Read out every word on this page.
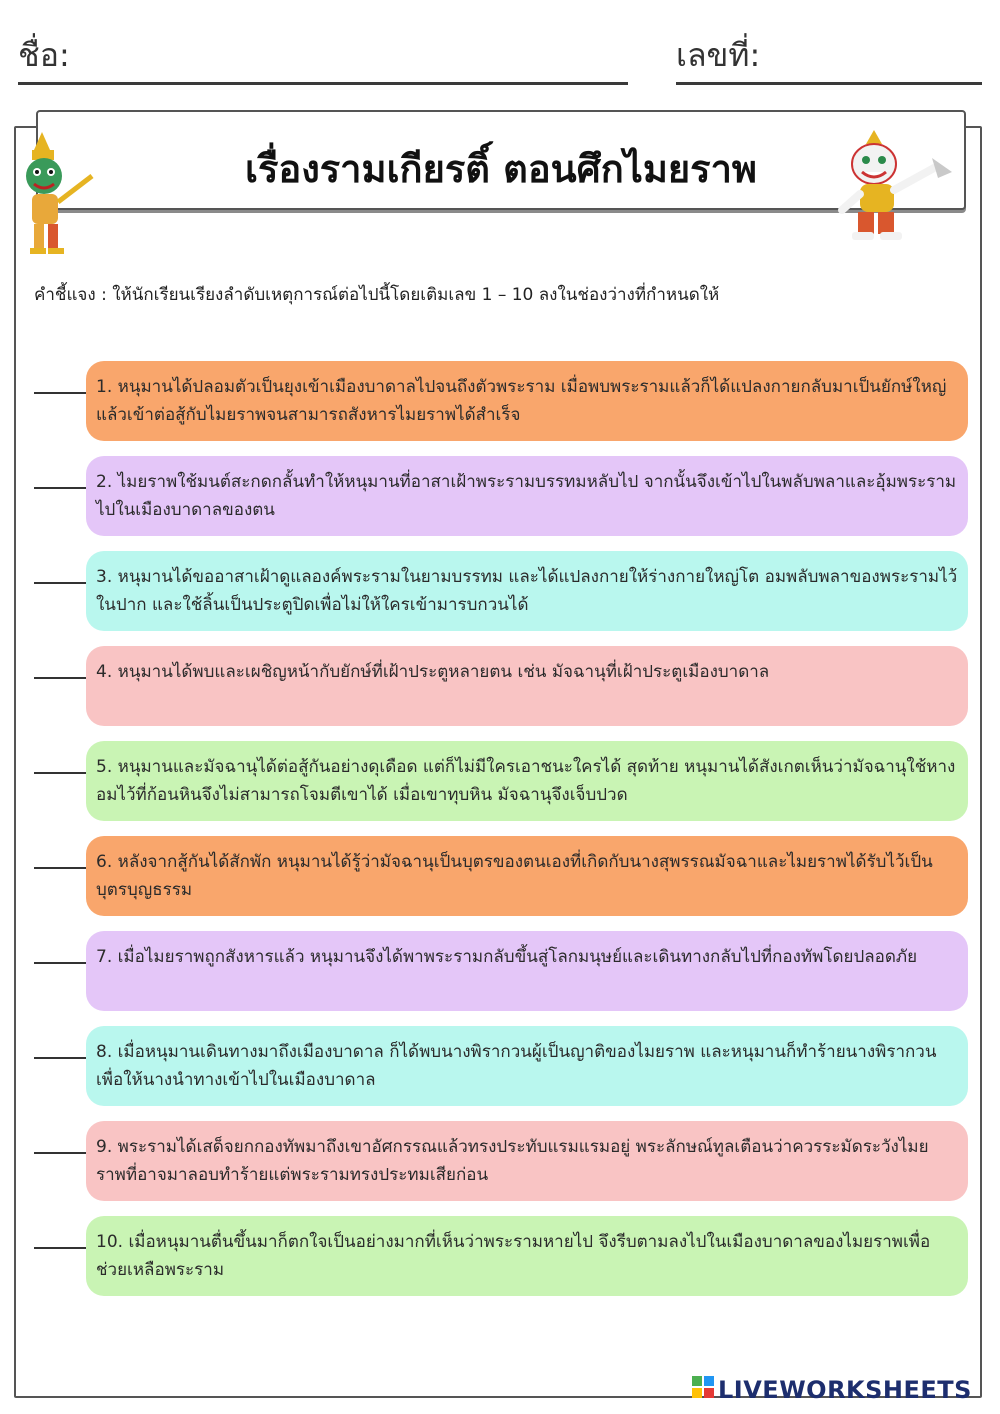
ชื่อ:	เลขที่:
เรื่องรามเกียรติ์ ตอนศึกไมยราพ
คำชี้แจง : ให้นักเรียนเรียงลำดับเหตุการณ์ต่อไปนี้โดยเติมเลข 1 – 10 ลงในช่องว่างที่กำหนดให้
LIVEWORKSHEETS
1. หนุมานได้ปลอมตัวเป็นยุงเข้าเมืองบาดาลไปจนถึงตัวพระราม เมื่อพบพระรามแล้วก็ได้แปลงกายกลับมาเป็นยักษ์ใหญ่แล้วเข้าต่อสู้กับไมยราพจนสามารถสังหารไมยราพได้สำเร็จ
2. ไมยราพใช้มนต์สะกดกลั้นทำให้หนุมานที่อาสาเฝ้าพระรามบรรทมหลับไป จากนั้นจึงเข้าไปในพลับพลาและอุ้มพระรามไปในเมืองบาดาลของตน
3. หนุมานได้ขออาสาเฝ้าดูแลองค์พระรามในยามบรรทม และได้แปลงกายให้ร่างกายใหญ่โต อมพลับพลาของพระรามไว้ในปาก และใช้ลิ้นเป็นประตูปิดเพื่อไม่ให้ใครเข้ามารบกวนได้
4. หนุมานได้พบและเผชิญหน้ากับยักษ์ที่เฝ้าประตูหลายตน เช่น มัจฉานุที่เฝ้าประตูเมืองบาดาล
5. หนุมานและมัจฉานุได้ต่อสู้กันอย่างดุเดือด แต่ก็ไม่มีใครเอาชนะใครได้ สุดท้าย หนุมานได้สังเกตเห็นว่ามัจฉานุใช้หางอมไว้ที่ก้อนหินจึงไม่สามารถโจมตีเขาได้ เมื่อเขาทุบหิน มัจฉานุจึงเจ็บปวด
6. หลังจากสู้กันได้สักพัก หนุมานได้รู้ว่ามัจฉานุเป็นบุตรของตนเองที่เกิดกับนางสุพรรณมัจฉาและไมยราพได้รับไว้เป็นบุตรบุญธรรม
7. เมื่อไมยราพถูกสังหารแล้ว หนุมานจึงได้พาพระรามกลับขึ้นสู่โลกมนุษย์และเดินทางกลับไปที่กองทัพโดยปลอดภัย
8. เมื่อหนุมานเดินทางมาถึงเมืองบาดาล ก็ได้พบนางพิรากวนผู้เป็นญาติของไมยราพ และหนุมานก็ทำร้ายนางพิรากวนเพื่อให้นางนำทางเข้าไปในเมืองบาดาล
9. พระรามได้เสด็จยกกองทัพมาถึงเขาอัศกรรณแล้วทรงประทับแรมแรมอยู่ พระลักษณ์ทูลเตือนว่าควรระมัดระวังไมยราพที่อาจมาลอบทำร้ายแต่พระรามทรงประทมเสียก่อน
10. เมื่อหนุมานตื่นขึ้นมาก็ตกใจเป็นอย่างมากที่เห็นว่าพระรามหายไป จึงรีบตามลงไปในเมืองบาดาลของไมยราพเพื่อช่วยเหลือพระราม
